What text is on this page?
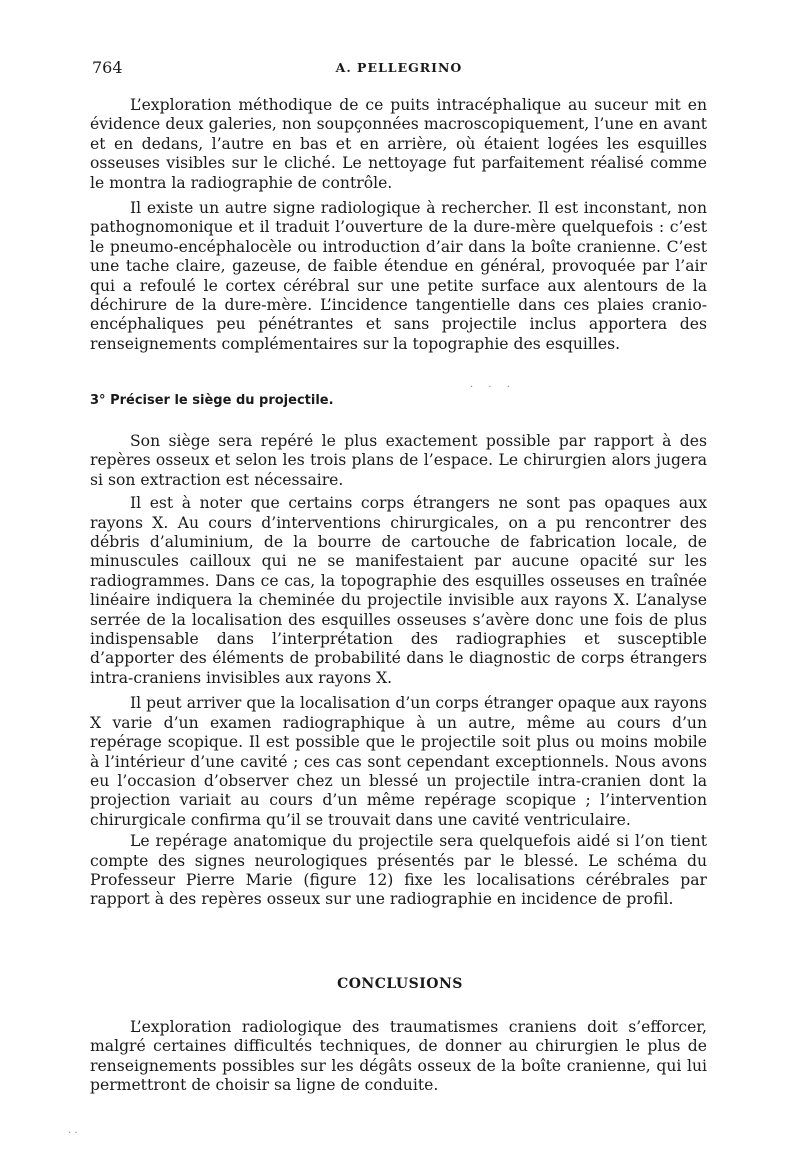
764	A. PELLEGRINO

L’exploration méthodique de ce puits intracéphalique au suceur mit en évidence deux galeries, non soupçonnées macroscopiquement, l’une en avant et en dedans, l’autre en bas et en arrière, où étaient logées les esquilles osseuses visibles sur le cliché. Le nettoyage fut parfaitement réalisé comme le montra la radiographie de contrôle.

Il existe un autre signe radiologique à rechercher. Il est inconstant, non pathognomonique et il traduit l’ouverture de la dure-mère quelquefois : c’est le pneumo-encéphalocèle ou introduction d’air dans la boîte cranienne. C’est une tache claire, gazeuse, de faible étendue en général, provoquée par l’air qui a refoulé le cortex cérébral sur une petite surface aux alentours de la déchirure de la dure-mère. L’incidence tangentielle dans ces plaies cranio-encéphaliques peu pénétrantes et sans projectile inclus apportera des renseignements complémentaires sur la topographie des esquilles.

· · ·
3° Préciser le siège du projectile.

Son siège sera repéré le plus exactement possible par rapport à des repères osseux et selon les trois plans de l’espace. Le chirurgien alors jugera si son extraction est nécessaire.

Il est à noter que certains corps étrangers ne sont pas opaques aux rayons X. Au cours d’interventions chirurgicales, on a pu rencontrer des débris d’aluminium, de la bourre de cartouche de fabrication locale, de minuscules cailloux qui ne se manifestaient par aucune opacité sur les radiogrammes. Dans ce cas, la topographie des esquilles osseuses en traînée linéaire indiquera la cheminée du projectile invisible aux rayons X. L’analyse serrée de la localisation des esquilles osseuses s’avère donc une fois de plus indispensable dans l’interprétation des radiographies et susceptible d’apporter des éléments de probabilité dans le diagnostic de corps étrangers intra-craniens invisibles aux rayons X.

Il peut arriver que la localisation d’un corps étranger opaque aux rayons X varie d’un examen radiographique à un autre, même au cours d’un repérage scopique. Il est possible que le projectile soit plus ou moins mobile à l’intérieur d’une cavité ; ces cas sont cependant exceptionnels. Nous avons eu l’occasion d’observer chez un blessé un projectile intra-cranien dont la projection variait au cours d’un même repérage scopique ; l’intervention chirurgicale confirma qu’il se trouvait dans une cavité ventriculaire.

Le repérage anatomique du projectile sera quelquefois aidé si l’on tient compte des signes neurologiques présentés par le blessé. Le schéma du Professeur Pierre Marie (figure 12) fixe les localisations cérébrales par rapport à des repères osseux sur une radiographie en incidence de profil.

CONCLUSIONS

L’exploration radiologique des traumatismes craniens doit s’efforcer, malgré certaines difficultés techniques, de donner au chirurgien le plus de renseignements possibles sur les dégâts osseux de la boîte cranienne, qui lui permettront de choisir sa ligne de conduite.

· ·
